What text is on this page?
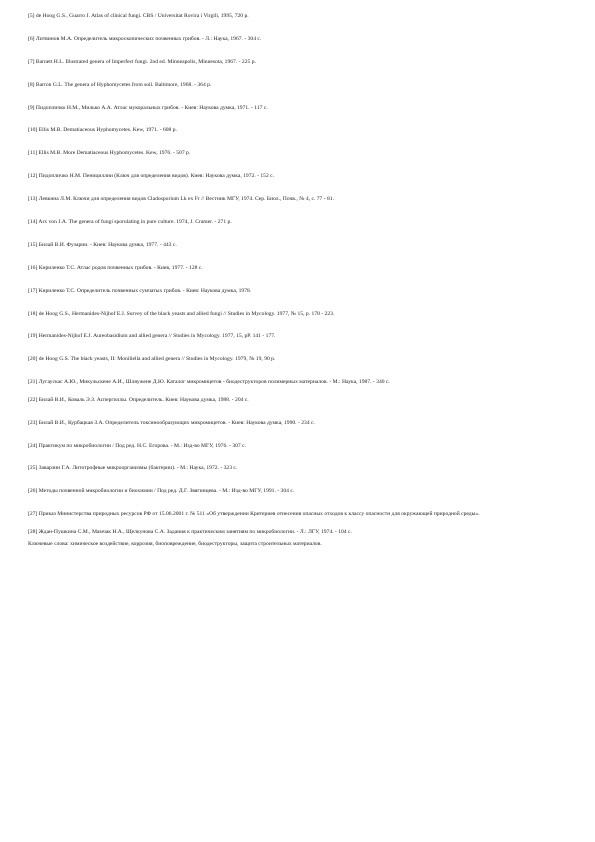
[5] de Hoog G.S., Guarro J. Atlas of clinical fungi. CBS / Universitat Rovira i Virgili, 1995, 720 p.
[6] Литвинов М.А. Определитель микроскопических почвенных грибов. - Л.: Наука, 1967. - 304 с.
[7] Barnett H.L. Illustrated genera of Imperfect fungi. 2nd ed. Minneapolis, Minnesota, 1967. - 225 p.
[8] Barron G.L. The genera of Hyphomycetes from soil. Baltimore, 1968. - 364 p.
[9] Пидопличко Н.М., Милько А.А. Атлас мукоральных грибов. - Киев: Наукова думка, 1971. - 117 с.
[10] Ellis M.B. Dematiaceous Hyphomycetes. Kew, 1971. - 608 p.
[11] Ellis M.B. More Dematiaceous Hyphomycetes. Kew, 1976. - 507 p.
[12] Пидопличко Н.М. Пенициллии (Ключ для определения видов). Киев: Наукова думка, 1972. - 152 с.
[13] Левкина Л.М. Ключи для определения видов Cladosporium Lk ex Fr // Вестник МГУ, 1974. Сер. Биол., Почв., № 4, с. 77 - 81.
[14] Arx von J.A. The genera of fungi sporulating in pure culture. 1974, J. Cramer. - 271 p.
[15] Билай В.И. Фузарии. - Киев: Наукова думка, 1977. - 443 с.
[16] Кириленко Т.С. Атлас родов почвенных грибов. - Киев, 1977. - 128 с.
[17] Кириленко Т.С. Определитель почвенных сумчатых грибов. - Киев: Наукова думка, 1978.
[18] de Hoog G.S., Hermanides-Nijhof E.J. Survey of the black yeasts and allied fungi // Studies in Mycology. 1977, № 15, p. 178 - 223.
[19] Hermanides-Nijhof E.J. Aureobasidium and allied genera // Studies in Mycology. 1977, 15, pP. 141 - 177.
[20] de Hoog G.S. The black yeasts, II: Moniliella and allied genera // Studies in Mycology. 1979, № 19, 90 p.
[21] Лугаускас А.Ю., Микульскене А.И., Шляужене Д.Ю. Каталог микромицетов - биодеструкторов полимерных материалов. - М.: Наука, 1987. - 340 с.
[22] Билай В.И., Коваль Э.З. Аспергиллы. Определитель. Киев: Наукова думка, 1988. - 204 с.
[23] Билай В.И., Курбацкая З.А. Определитель токсинообразующих микромицетов. - Киев: Наукова думка, 1990. - 234 с.
[24] Практикум по микробиологии / Под ред. Н.С. Егорова. - М.: Изд-во МГУ, 1976. - 307 с.
[25] Заварзин Г.А. Литотрофные микроорганизмы (бактерии). - М.: Наука, 1972. - 323 с.
[26] Методы почвенной микробиологии и биохимии / Под ред. Д.Г. Звягинцева. - М.: Изд-во МГУ, 1991. - 304 с.
[27] Приказ Министерства природных ресурсов РФ от 15.06.2001 г. № 511 «Об утверждении Критериев отнесения опасных отходов к классу опасности для окружающей природной среды».
[28] Ждан-Пушкина С.М., Мамчак Н.А., Щелкунова С.А. Задания к практическим занятиям по микробиологии. - Л.: ЛГУ, 1974. - 104 с.

Ключевые слова: химическое воздействие, коррозия, биоповреждение, биодеструкторы, защита строительных материалов.
